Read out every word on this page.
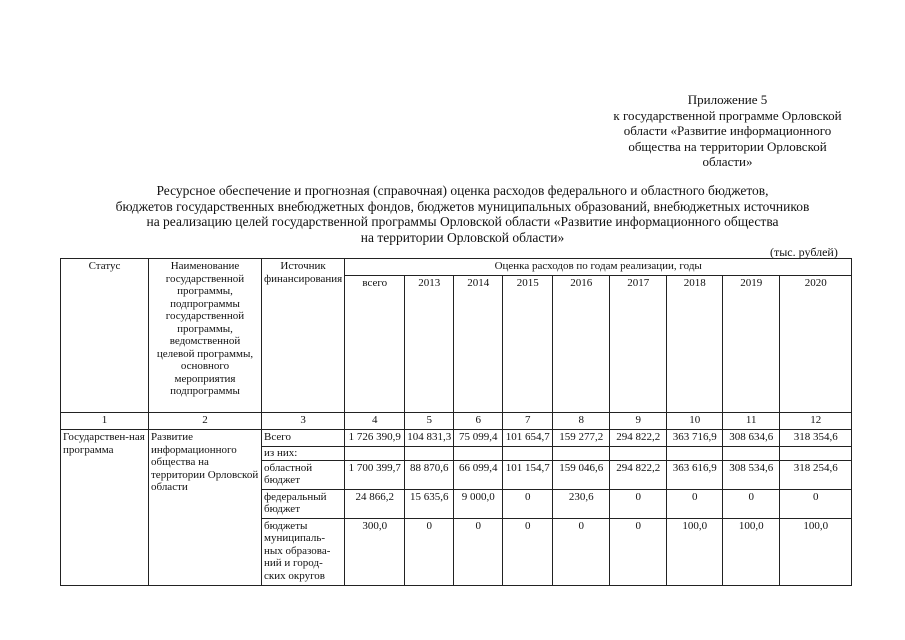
Приложение 5
к государственной программе Орловской
области «Развитие информационного
общества на территории Орловской
области»
Ресурсное обеспечение и прогнозная (справочная) оценка расходов федерального и областного бюджетов,
бюджетов государственных внебюджетных фондов, бюджетов муниципальных образований, внебюджетных источников
на реализацию целей государственной программы Орловской области «Развитие информационного общества
на территории Орловской области»
(тыс. рублей)
Статус	Наименование государственной программы, подпрограммы государственной программы, ведомственной целевой программы, основного мероприятия подпрограммы	Источник финансирования	Оценка расходов по годам реализации, годы								
			всего	2013	2014	2015	2016	2017	2018	2019	2020
1	2	3	4	5	6	7	8	9	10	11	12
Государствен-ная программа	Развитие информационного общества на территории Орловской области	Всего	1 726 390,9	104 831,3	75 099,4	101 654,7	159 277,2	294 822,2	363 716,9	308 634,6	318 354,6
		из них:									
		областной бюджет	1 700 399,7	88 870,6	66 099,4	101 154,7	159 046,6	294 822,2	363 616,9	308 534,6	318 254,6
		федеральный бюджет	24 866,2	15 635,6	9 000,0	0	230,6	0	0	0	0
		бюджеты муниципаль-ных образова-ний и город-ских округов	300,0	0	0	0	0	0	100,0	100,0	100,0
